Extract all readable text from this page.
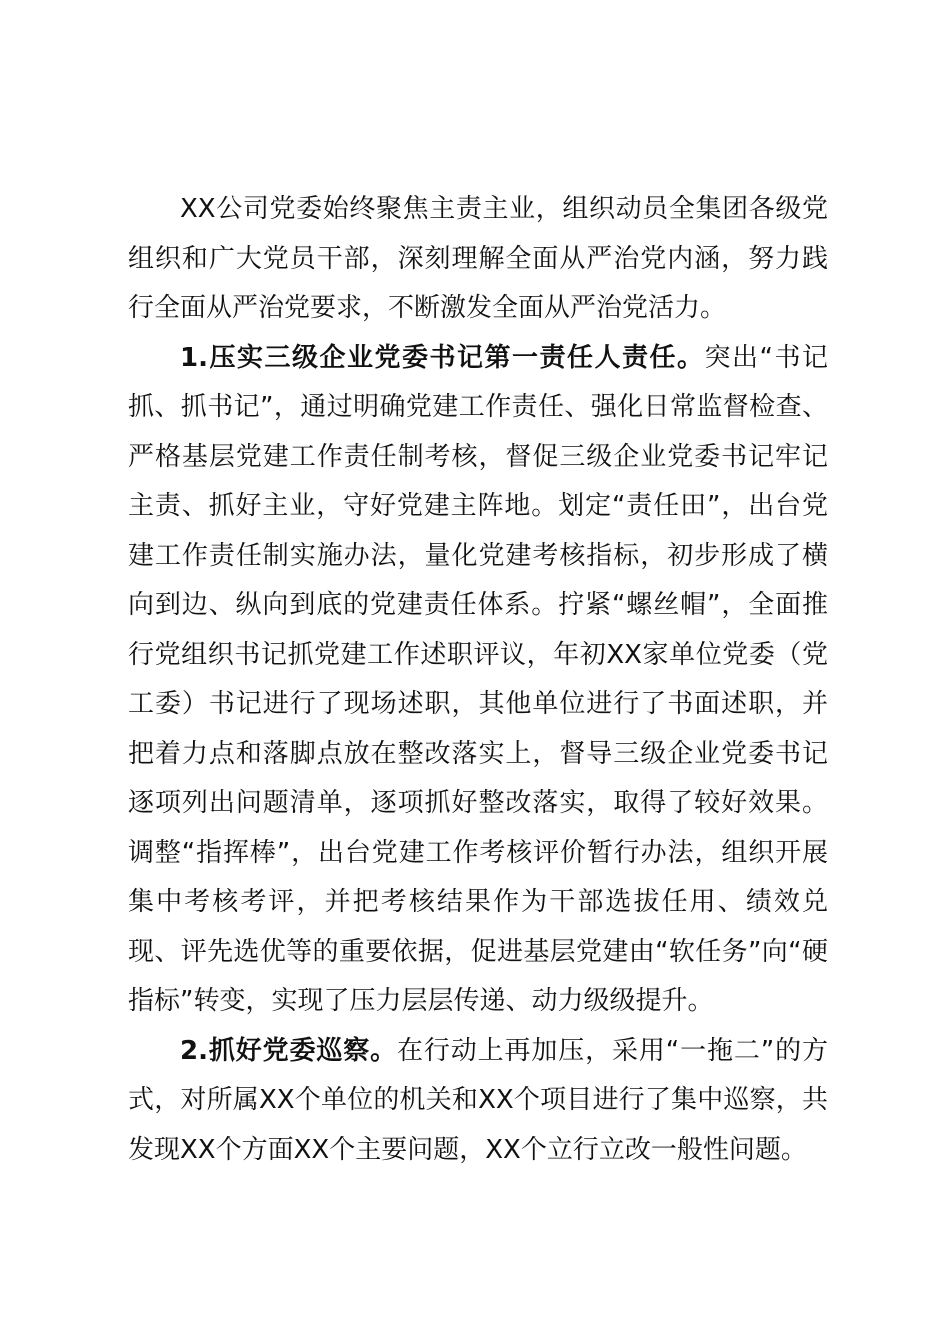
XX公司党委始终聚焦主责主业，组织动员全集团各级党组织和广大党员干部，深刻理解全面从严治党内涵，努力践行全面从严治党要求，不断激发全面从严治党活力。

1.压实三级企业党委书记第一责任人责任。突出“书记抓、抓书记”，通过明确党建工作责任、强化日常监督检查、严格基层党建工作责任制考核，督促三级企业党委书记牢记主责、抓好主业，守好党建主阵地。划定“责任田”，出台党建工作责任制实施办法，量化党建考核指标，初步形成了横向到边、纵向到底的党建责任体系。拧紧“螺丝帽”，全面推行党组织书记抓党建工作述职评议，年初XX家单位党委（党工委）书记进行了现场述职，其他单位进行了书面述职，并把着力点和落脚点放在整改落实上，督导三级企业党委书记逐项列出问题清单，逐项抓好整改落实，取得了较好效果。调整“指挥棒”，出台党建工作考核评价暂行办法，组织开展集中考核考评，并把考核结果作为干部选拔任用、绩效兑现、评先选优等的重要依据，促进基层党建由“软任务”向“硬指标”转变，实现了压力层层传递、动力级级提升。

2.抓好党委巡察。在行动上再加压，采用“一拖二”的方式，对所属XX个单位的机关和XX个项目进行了集中巡察，共发现XX个方面XX个主要问题，XX个立行立改一般性问题。
